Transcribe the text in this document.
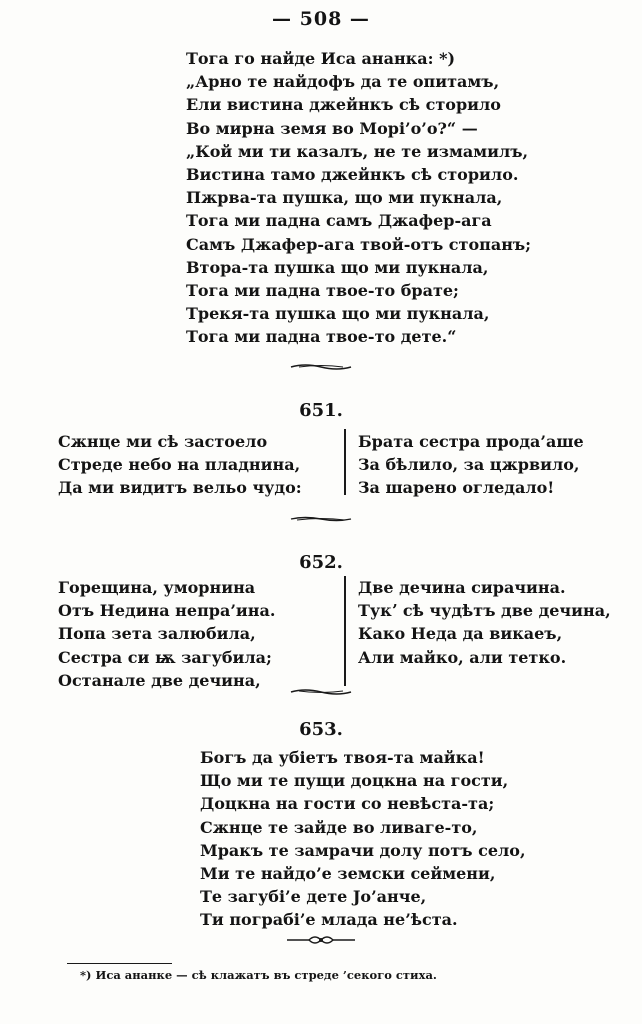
— 508 —
Тога го найде Иса ананка: *)
„Арно те найдофъ да те опитамъ,
Ели вистина джейнкъ сѣ сторило
Во мирна земя во Морі’о’о?“ —
„Кой ми ти казалъ, не те измамилъ,
Вистина тамо джейнкъ сѣ сторило.
Пжрва-та пушка, що ми пукнала,
Тога ми падна самъ Джафер-ага
Самъ Джафер-ага твой-отъ стопанъ;
Втора-та пушка що ми пукнала,
Тога ми падна твое-то брате;
Трекя-та пушка що ми пукнала,
Тога ми падна твое-то дете.“
651.
Сжнце ми сѣ застоело
Стреде небо на пладнина,
Да ми видитъ вельо чудо:
Брата сестра прода’аше
За бѣлило, за цжрвило,
За шарено огледало!
652.
Горещина, уморнина
Отъ Недина непра’ина.
Попа зета залюбила,
Сестра си ѭ загубила;
Останале две дечина,
Две дечина сирачина.
Тукʼ сѣ чудѣтъ две дечина,
Како Неда да викаеъ,
Али майко, али тетко.
653.
Богъ да убіетъ твоя-та майка!
Що ми те пущи доцкна на гости,
Доцкна на гости со невѣста-та;
Сжнце те зайде во ливаге-то,
Мракъ те замрачи долу потъ село,
Ми те найдо’е земски сеймени,
Те загубі’е дете Јо’анче,
Ти пограбі’е млада не’ѣста.
*) Иса ананке — сѣ клажатъ въ стреде ’секого стиха.
